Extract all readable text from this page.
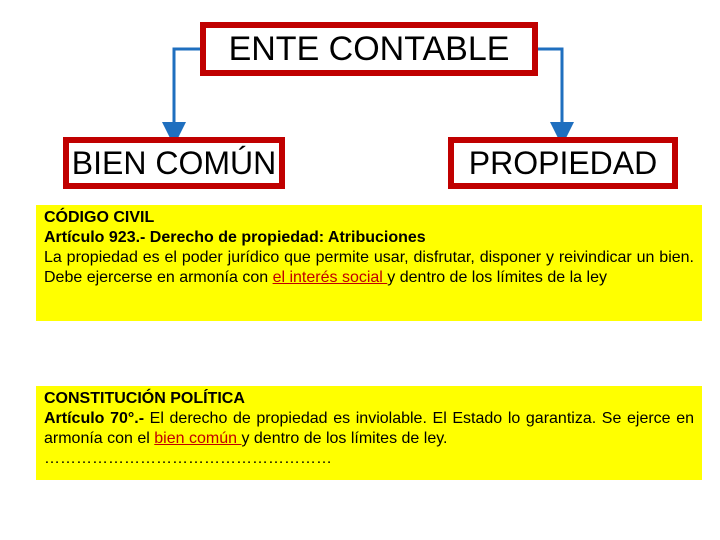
ENTE CONTABLE
BIEN COMÚN	PROPIEDAD

CÓDIGO CIVIL

Artículo 923.- Derecho de propiedad: Atribuciones

La propiedad es el poder jurídico que permite usar, disfrutar, disponer y reivindicar un bien. Debe ejercerse en armonía con el interés social y dentro de los límites de la ley

CONSTITUCIÓN POLÍTICA

Artículo 70°.- El derecho de propiedad es inviolable. El Estado lo garantiza. Se ejerce en armonía con el bien común y dentro de los límites de ley.

………………………………………………
